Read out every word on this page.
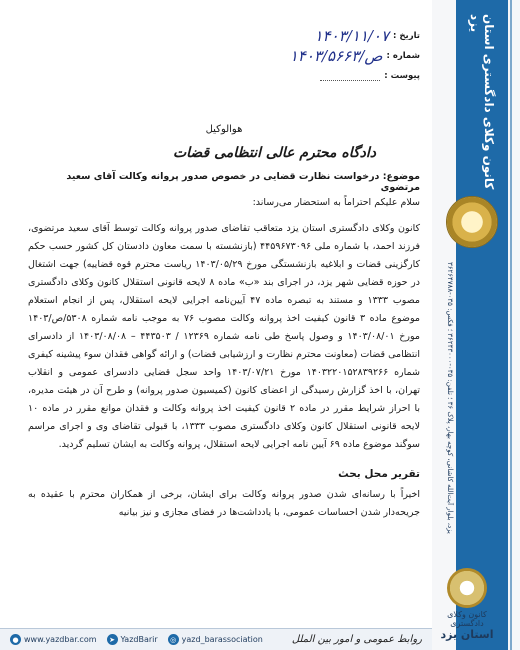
کانون وکلای دادگستری استان یزد
یزد، بلوار آیت‌الله کاشانی، کوچه بهار، پلاک ۳۶ ؛ تلفن: ۰۳۵-۳۶۲۴۳۰۰۰ ؛ فکس: ۰۳۵-۳۶۲۶۴۷۸۸
کانون وکلای دادگستری
استان یزد
تاریخ :
۱۴۰۳/۱۱/۰۷
شماره :
۱۴۰۳/ص/۵۶۶۳
پیوست :
هوالوکیل
دادگاه محترم عالی انتظامی قضات
موضوع: درخواست نظارت قضایی در خصوص صدور پروانه وکالت آقای سعید مرتضوی
سلام علیکم احتراماً به استحضار می‌رساند:

کانون وکلای دادگستری استان یزد متعاقب تقاضای صدور پروانه وکالت توسط آقای سعید مرتضوی، فرزند احمد، با شماره ملی ۴۴۵۹۶۷۳۰۹۶ (بازنشسته با سمت معاون دادستان کل کشور حسب حکم کارگزینی قضات و ابلاغیه بازنشستگی مورخ ۱۴۰۳/۰۵/۲۹ ریاست محترم قوه قضاییه) جهت اشتغال در حوزه قضایی شهر یزد، در اجرای بند «ب» ماده ۸ لایحه قانونی استقلال کانون وکلای دادگستری مصوب ۱۳۳۳ و مستند به تبصره ماده ۴۷ آیین‌نامه اجرایی لایحه استقلال، پس از انجام استعلام موضوع ماده ۳ قانون کیفیت اخذ پروانه وکالت مصوب ۷۶ به موجب نامه شماره ۵۳۰۸/ص/۱۴۰۳ مورخ ۱۴۰۳/۰۸/۰۱ و وصول پاسخ طی نامه شماره ۱۲۳۶۹ / ۴۴۳۵۰۳ – ۱۴۰۳/۰۸/۰۸ از دادسرای انتظامی قضات (معاونت محترم نظارت و ارزشیابی قضات) و ارائه گواهی فقدان سوء پیشینه کیفری شماره ۱۴۰۳۲۲۰۱۵۲۸۳۹۲۶۶ مورخ ۱۴۰۳/۰۷/۲۱ واحد سجل قضایی دادسرای عمومی و انقلاب تهران، با اخذ گزارش رسیدگی از اعضای کانون (کمیسیون صدور پروانه) و طرح آن در هیئت مدیره، با احراز شرایط مقرر در ماده ۲ قانون کیفیت اخذ پروانه وکالت و فقدان موانع مقرر در ماده ۱۰ لایحه قانونی استقلال کانون وکلای دادگستری مصوب ۱۳۳۳، با قبولی تقاضای وی و اجرای مراسم سوگند موضوع ماده ۶۹ آیین نامه اجرایی لایحه استقلال، پروانه وکالت به ایشان تسلیم گردید.

تقریر محل بحث

اخیراً با رسانه‌ای شدن صدور پروانه وکالت برای ایشان، برخی از همکاران محترم با عقیده به جریحه‌دار شدن احساسات عمومی، با یادداشت‌ها در فضای مجازی و نیز بیانیه

● www.yazdbar.com	➤ YazdBarir	◎ yazd_barassociation	روابط عمومی و امور بین الملل
